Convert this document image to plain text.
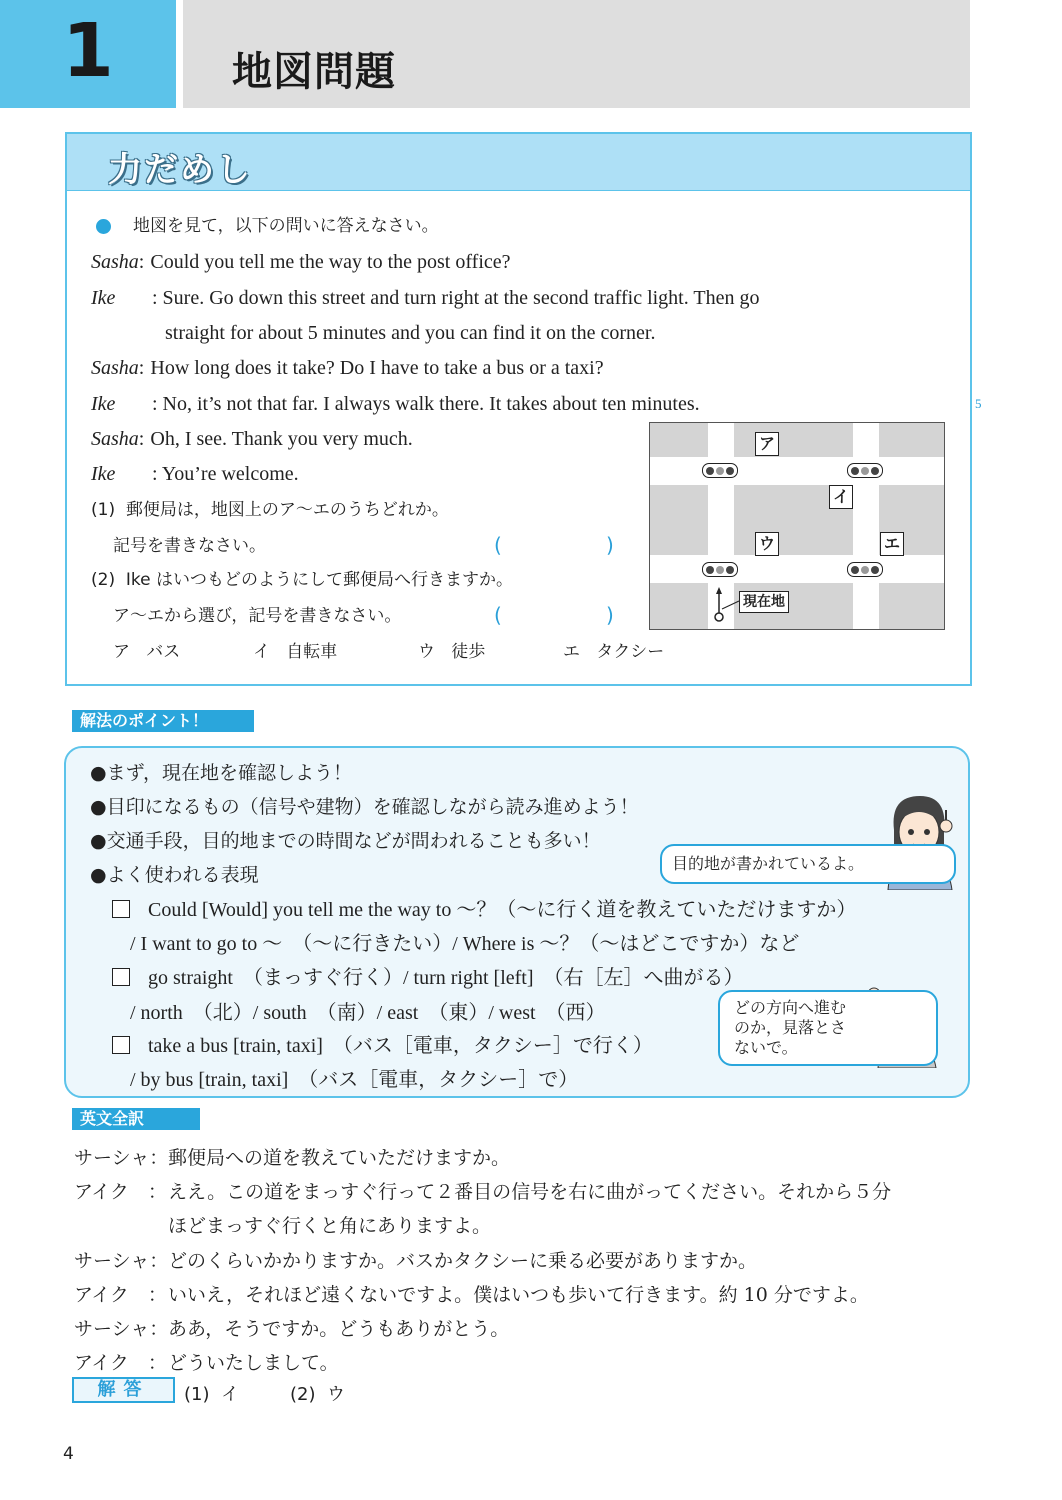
1	地図問題
力だめし
地図を見て，以下の問いに答えなさい。
Sasha: Could you tell me the way to the post office?
Ike : Sure. Go down this street and turn right at the second traffic light. Then go
straight for about 5 minutes and you can find it on the corner.
Sasha: How long does it take? Do I have to take a bus or a taxi?
Ike : No, it’s not that far. I always walk there. It takes about ten minutes.	5
Sasha: Oh, I see. Thank you very much.
Ike : You’re welcome.
(1) 郵便局は，地図上のア～エのうちどれか。
記号を書きなさい。	(	)
(2) Ike はいつもどのようにして郵便局へ行きますか。
ア～エから選び，記号を書きなさい。	(	)
ア バス	イ 自転車	ウ 徒歩	エ タクシー
ア
イ
ウ	エ
現在地
解法のポイント！
●まず，現在地を確認しよう！
●目印になるもの（信号や建物）を確認しながら読み進めよう！
●交通手段，目的地までの時間などが問われることも多い！
●よく使われる表現
Could [Would] you tell me the way to ～？（～に行く道を教えていただけますか）
/ I want to go to ～　（～に行きたい）/ Where is ～？（～はどこですか）など
go straight　（まっすぐ行く）/ turn right [left]　（右［左］へ曲がる）
/ north　（北）/ south　（南）/ east　（東）/ west　（西）
take a bus [train, taxi]　（バス［電車，タクシー］で行く）
/ by bus [train, taxi]　（バス［電車，タクシー］で）
目的地が書かれているよ。
どの方向へ進む
のか，見落とさ
ないで。
英文全訳
サーシャ： 郵便局への道を教えていただけますか。
アイク　： ええ。この道をまっすぐ行って２番目の信号を右に曲がってください。それから５分
ほどまっすぐ行くと角にありますよ。
サーシャ： どのくらいかかりますか。バスかタクシーに乗る必要がありますか。
アイク　： いいえ，それほど遠くないですよ。僕はいつも歩いて行きます。約 10 分ですよ。
サーシャ： ああ，そうですか。どうもありがとう。
アイク　： どういたしまして。
解答	(1) イ	(2) ウ
4
